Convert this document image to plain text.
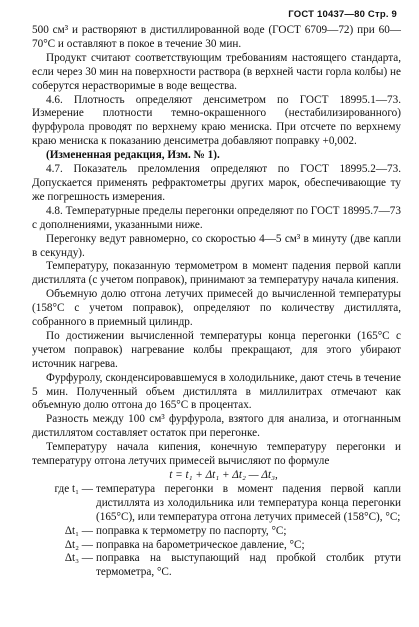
ГОСТ 10437—80 Стр. 9

500 см³ и растворяют в дистиллированной воде (ГОСТ 6709—72) при 60—70°С и оставляют в покое в течение 30 мин.

Продукт считают соответствующим требованиям настоящего стандарта, если через 30 мин на поверхности раствора (в верхней части горла колбы) не соберутся нерастворимые в воде вещества.

4.6. Плотность определяют денсиметром по ГОСТ 18995.1—73. Измерение плотности темно-окрашенного (нестабилизированного) фурфурола проводят по верхнему краю мениска. При отсчете по верхнему краю мениска к показанию денсиметра добавляют поправку +0,002.

(Измененная редакция, Изм. № 1).

4.7. Показатель преломления определяют по ГОСТ 18995.2—73. Допускается применять рефрактометры других марок, обеспечивающие ту же погрешность измерения.

4.8. Температурные пределы перегонки определяют по ГОСТ 18995.7—73 с дополнениями, указанными ниже.

Перегонку ведут равномерно, со скоростью 4—5 см³ в минуту (две капли в секунду).

Температуру, показанную термометром в момент падения первой капли дистиллята (с учетом поправок), принимают за температуру начала кипения.

Объемную долю отгона летучих примесей до вычисленной температуры (158°С с учетом поправок), определяют по количеству дистиллята, собранного в приемный цилиндр.

По достижении вычисленной температуры конца перегонки (165°С с учетом поправок) нагревание колбы прекращают, для этого убирают источник нагрева.

Фурфуролу, сконденсировавшемуся в холодильнике, дают стечь в течение 5 мин. Полученный объем дистиллята в миллилитрах отмечают как объемную долю отгона до 165°С в процентах.

Разность между 100 см³ фурфурола, взятого для анализа, и отогнанным дистиллятом составляет остаток при перегонке.

Температуру начала кипения, конечную температуру перегонки и температуру отгона летучих примесей вычисляют по формуле

t = t₁ + Δt₁ + Δt₂ — Δt₃,

где t₁ — температура перегонки в момент падения первой капли дистиллята из холодильника или температура конца перегонки (165°С), или температура отгона летучих примесей (158°С), °С;
Δt₁ — поправка к термометру по паспорту, °С;
Δt₂ — поправка на барометрическое давление, °С;
Δt₃ — поправка на выступающий над пробкой столбик ртути термометра, °С.
